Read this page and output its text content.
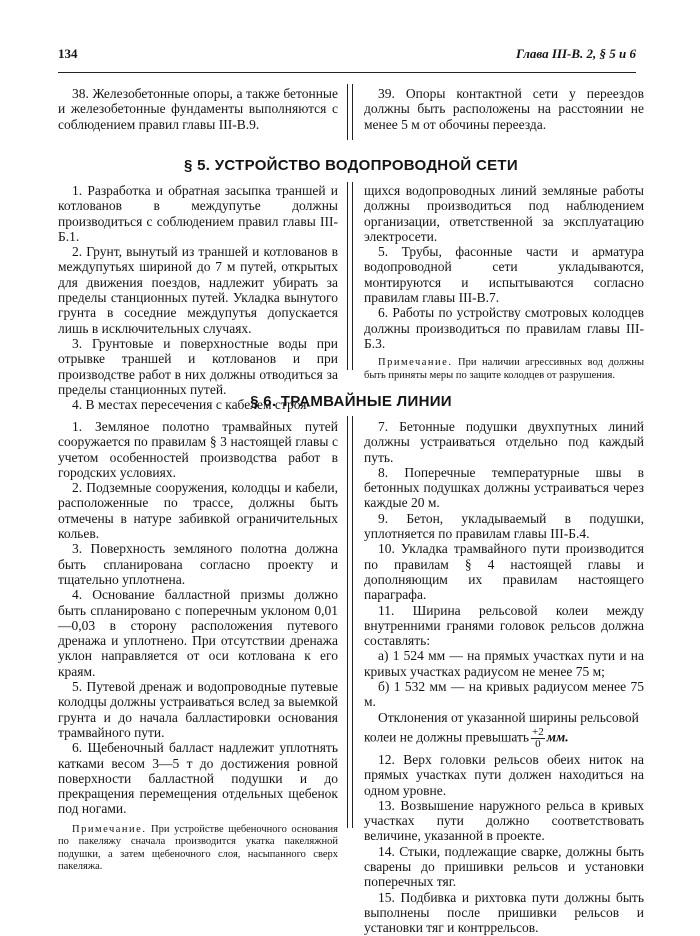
134	Глава III-В. 2, § 5 и 6

38. Железобетонные опоры, а также бетонные и железобетонные фундаменты выполняются с соблюдением правил главы III-В.9.

39. Опоры контактной сети у переездов должны быть расположены на расстоянии не менее 5 м от обочины переезда.

§ 5. УСТРОЙСТВО ВОДОПРОВОДНОЙ СЕТИ

1. Разработка и обратная засыпка траншей и котлованов в междупутье должны производиться с соблюдением правил главы III-Б.1.

2. Грунт, вынутый из траншей и котлованов в междупутьях шириной до 7 м путей, открытых для движения поездов, надлежит убирать за пределы станционных путей. Укладка вынутого грунта в соседние междупутья допускается лишь в исключительных случаях.

3. Грунтовые и поверхностные воды при отрывке траншей и котлованов и при производстве работ в них должны отводиться за пределы станционных путей.

4. В местах пересечения с кабелем строя-

щихся водопроводных линий земляные работы должны производиться под наблюдением организации, ответственной за эксплуатацию электросети.

5. Трубы, фасонные части и арматура водопроводной сети укладываются, монтируются и испытываются согласно правилам главы III-В.7.

6. Работы по устройству смотровых колодцев должны производиться по правилам главы III-Б.3.

Примечание. При наличии агрессивных вод должны быть приняты меры по защите колодцев от разрушения.

§ 6. ТРАМВАЙНЫЕ ЛИНИИ

1. Земляное полотно трамвайных путей сооружается по правилам § 3 настоящей главы с учетом особенностей производства работ в городских условиях.

2. Подземные сооружения, колодцы и кабели, расположенные по трассе, должны быть отмечены в натуре забивкой ограничительных кольев.

3. Поверхность земляного полотна должна быть спланирована согласно проекту и тщательно уплотнена.

4. Основание балластной призмы должно быть спланировано с поперечным уклоном 0,01—0,03 в сторону расположения путевого дренажа и уплотнено. При отсутствии дренажа уклон направляется от оси котлована к его краям.

5. Путевой дренаж и водопроводные путевые колодцы должны устраиваться вслед за выемкой грунта и до начала балластировки основания трамвайного пути.

6. Щебеночный балласт надлежит уплотнять катками весом 3—5 т до достижения ровной поверхности балластной подушки и до прекращения перемещения отдельных щебенок под ногами.

Примечание. При устройстве щебеночного основания по пакеляжу сначала производится укатка пакеляжной подушки, а затем щебеночного слоя, насыпанного сверх пакеляжа.

7. Бетонные подушки двухпутных линий должны устраиваться отдельно под каждый путь.

8. Поперечные температурные швы в бетонных подушках должны устраиваться через каждые 20 м.

9. Бетон, укладываемый в подушки, уплотняется по правилам главы III-Б.4.

10. Укладка трамвайного пути производится по правилам § 4 настоящей главы и дополняющим их правилам настоящего параграфа.

11. Ширина рельсовой колеи между внутренними гранями головок рельсов должна составлять:

а) 1 524 мм — на прямых участках пути и на кривых участках радиусом не менее 75 м;

б) 1 532 мм — на кривых радиусом менее 75 м.

Отклонения от указанной ширины рельсовой

колеи не должны превышать $\frac{+2}{0}$ мм.

12. Верх головки рельсов обеих ниток на прямых участках пути должен находиться на одном уровне.

13. Возвышение наружного рельса в кривых участках пути должно соответствовать величине, указанной в проекте.

14. Стыки, подлежащие сварке, должны быть сварены до пришивки рельсов и установки поперечных тяг.

15. Подбивка и рихтовка пути должны быть выполнены после пришивки рельсов и установки тяг и контррельсов.
